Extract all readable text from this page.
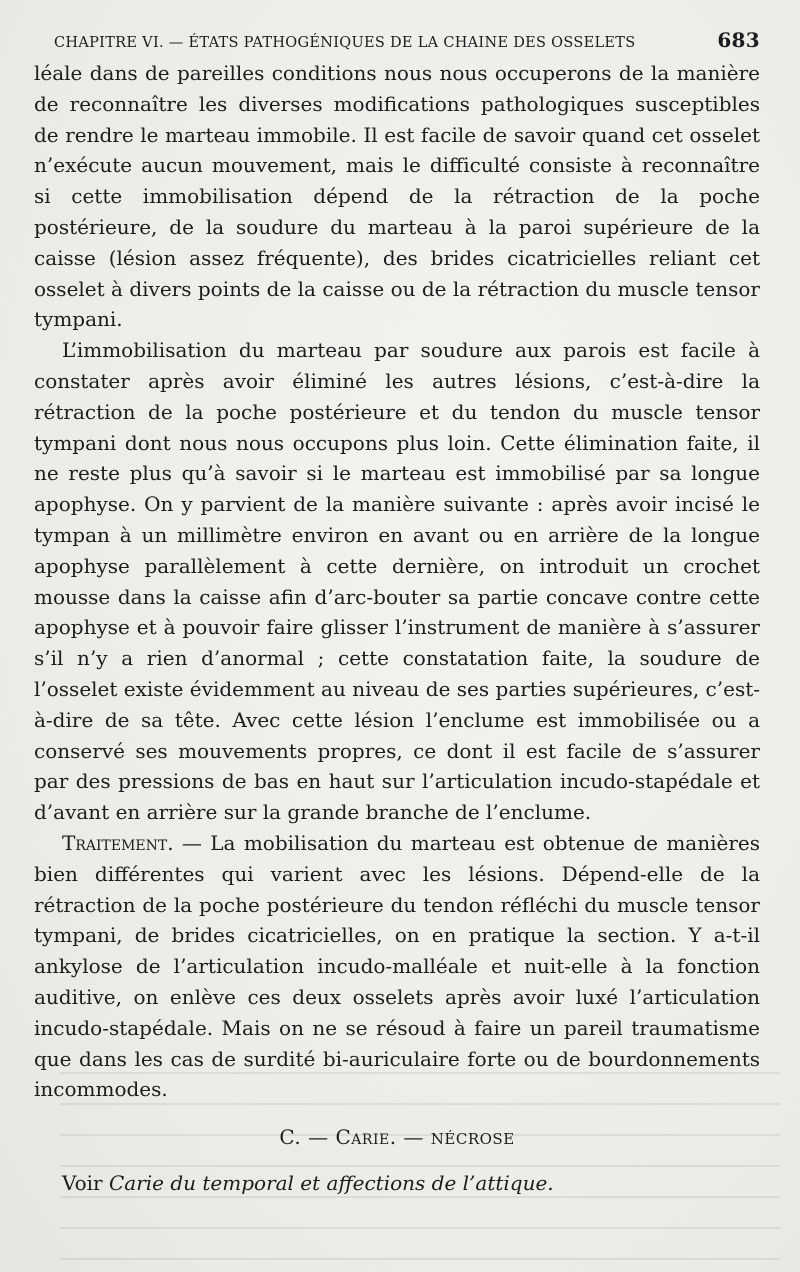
CHAPITRE VI. — ÉTATS PATHOGÉNIQUES DE LA CHAINE DES OSSELETS	683

léale dans de pareilles conditions nous nous occuperons de la manière de reconnaître les diverses modifications pathologiques susceptibles de rendre le marteau immobile. Il est facile de savoir quand cet osselet n’exécute aucun mouvement, mais le difficulté consiste à reconnaître si cette immobilisation dépend de la rétraction de la poche postérieure, de la soudure du marteau à la paroi supérieure de la caisse (lésion assez fréquente), des brides cicatricielles reliant cet osselet à divers points de la caisse ou de la rétraction du muscle tensor tympani.

L’immobilisation du marteau par soudure aux parois est facile à constater après avoir éliminé les autres lésions, c’est-à-dire la rétraction de la poche postérieure et du tendon du muscle tensor tympani dont nous nous occupons plus loin. Cette élimination faite, il ne reste plus qu’à savoir si le marteau est immobilisé par sa longue apophyse. On y parvient de la manière suivante : après avoir incisé le tympan à un millimètre environ en avant ou en arrière de la longue apophyse parallèlement à cette dernière, on introduit un crochet mousse dans la caisse afin d’arc-bouter sa partie concave contre cette apophyse et à pouvoir faire glisser l’instrument de manière à s’assurer s’il n’y a rien d’anormal ; cette constatation faite, la soudure de l’osselet existe évidemment au niveau de ses parties supérieures, c’est-à-dire de sa tête. Avec cette lésion l’enclume est immobilisée ou a conservé ses mouvements propres, ce dont il est facile de s’assurer par des pressions de bas en haut sur l’articulation incudo-stapédale et d’avant en arrière sur la grande branche de l’enclume.

Traitement. — La mobilisation du marteau est obtenue de manières bien différentes qui varient avec les lésions. Dépend-elle de la rétraction de la poche postérieure du tendon réfléchi du muscle tensor tympani, de brides cicatricielles, on en pratique la section. Y a-t-il ankylose de l’articulation incudo-malléale et nuit-elle à la fonction auditive, on enlève ces deux osselets après avoir luxé l’articulation incudo-stapédale. Mais on ne se résoud à faire un pareil traumatisme que dans les cas de surdité bi-auriculaire forte ou de bourdonnements incommodes.

C. — Carie. — NÉCROSE
Voir Carie du temporal et affections de l’attique.
